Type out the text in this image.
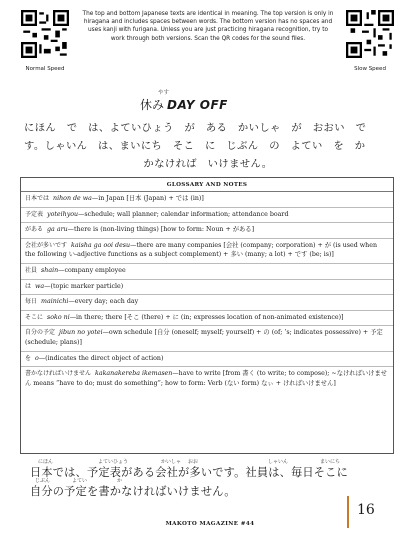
Normal Speed	Slow Speed
The top and bottom Japanese texts are identical in meaning. The top version is only in hiragana and includes spaces between words. The bottom version has no spaces and uses kanji with furigana. Unless you are just practicing hiragana recognition, try to work through both versions. Scan the QR codes for the sound files.
やす
休み DAY OFF
にほん　で　は、よていひょう　が　ある　かいしゃ　が　おおい　で
す。しゃいん　は、まいにち　そこ　に　じぶん　の　よてい　を　か
かなければ　いけません。
GLOSSARY AND NOTES
日本では nihon de wa—in Japan [日本 (Japan) + では (in)]
予定表 yoteihyou—schedule; wall planner; calendar information; attendance board
がある ga aru—there is (non-living things) [how to form: Noun + がある]
会社が多いです kaisha ga ooi desu—there are many companies [会社 (company; corporation) + が (is used when the following い-adjective functions as a subject complement) + 多い (many; a lot) + です (be; is)]
社員 shain—company employee
は wa—(topic marker particle)
毎日 mainichi—every day; each day
そこに soko ni—in there; there [そこ (there) + に (in; expresses location of non-animated existence)]
自分の予定 jibun no yotei—own schedule [自分 (oneself; myself; yourself) + の (of; ’s; indicates possessive) + 予定 (schedule; plans)]
を o—(indicates the direct object of action)
書かなければいけません kakanakereba ikemasen—have to write [from 書く (to write; to compose); ~なければいけません means “have to do; must do something”; how to form: Verb (ない form) なぃ + ければいけません]
にほん	よていひょう	かいしゃ おお	しゃいん	まいにち
日本では、予定表がある会社が多いです。社員は、毎日そこに
じぶん	よてい	か
自分の予定を書かなければいけません。
MAKOTO MAGAZINE #44
16
